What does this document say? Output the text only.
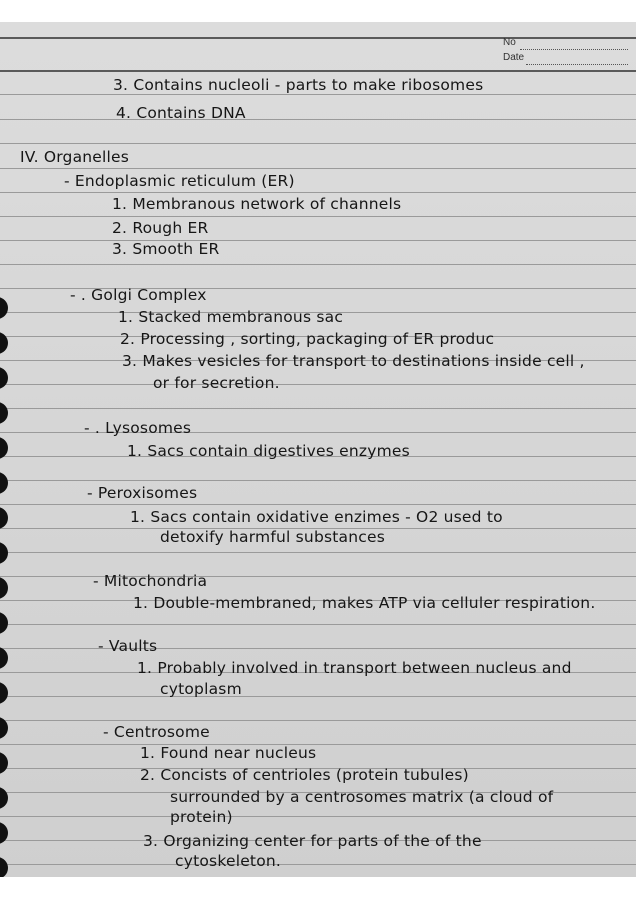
No
Date
3. Contains nucleoli - parts to make ribosomes
4. Contains DNA
IV. Organelles
- Endoplasmic reticulum (ER)
1. Membranous network of channels
2. Rough ER
3. Smooth ER
- . Golgi Complex
1. Stacked membranous sac
2. Processing , sorting, packaging of ER produc
3. Makes vesicles for transport to destinations inside cell ,
or for secretion.
- . Lysosomes
1. Sacs contain digestives enzymes
- Peroxisomes
1. Sacs contain oxidative enzimes - O2 used to
detoxify harmful substances
- Mitochondria
1. Double-membraned, makes ATP via celluler respiration.
- Vaults
1. Probably involved in transport between nucleus and
cytoplasm
- Centrosome
1. Found near nucleus
2. Concists of centrioles (protein tubules)
surrounded by a centrosomes matrix (a cloud of
protein)
3. Organizing center for parts of the of the
cytoskeleton.
